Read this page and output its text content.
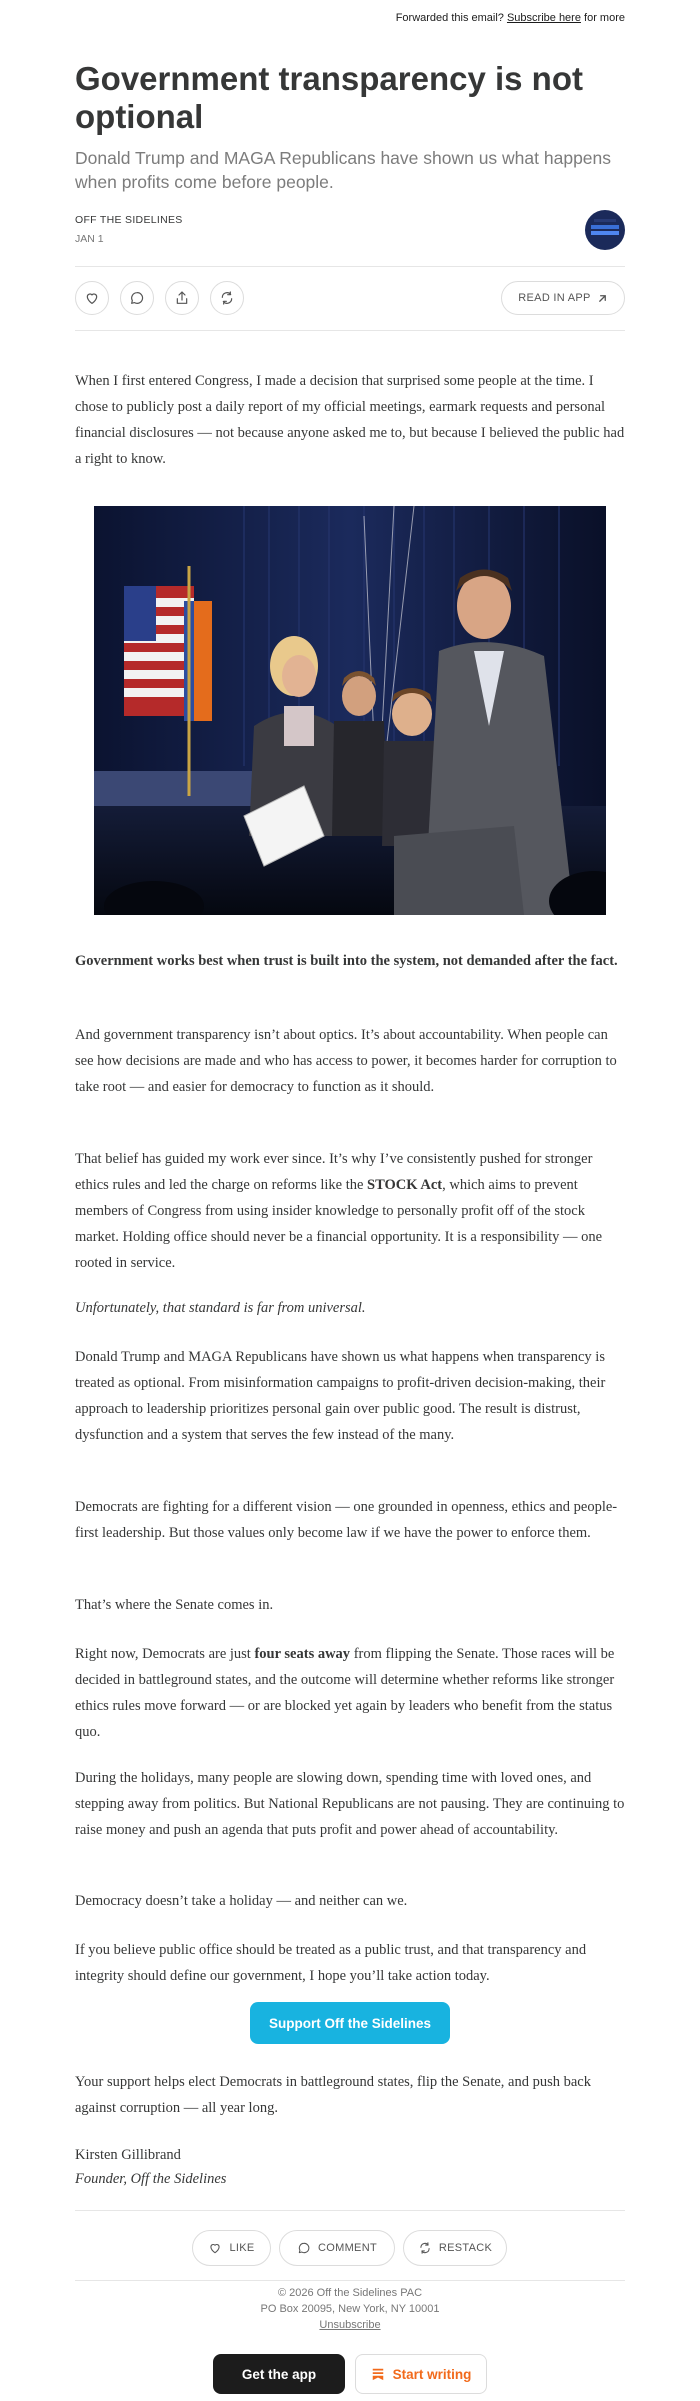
Forwarded this email? Subscribe here for more
Government transparency is not optional

Donald Trump and MAGA Republicans have shown us what happens when profits come before people.

OFF THE SIDELINES
JAN 1
READ IN APP

When I first entered Congress, I made a decision that surprised some people at the time. I chose to publicly post a daily report of my official meetings, earmark requests and personal financial disclosures — not because anyone asked me to, but because I believed the public had a right to know.

Government works best when trust is built into the system, not demanded after the fact.

And government transparency isn’t about optics. It’s about accountability. When people can see how decisions are made and who has access to power, it becomes harder for corruption to take root — and easier for democracy to function as it should.

That belief has guided my work ever since. It’s why I’ve consistently pushed for stronger ethics rules and led the charge on reforms like the STOCK Act, which aims to prevent members of Congress from using insider knowledge to personally profit off of the stock market. Holding office should never be a financial opportunity. It is a responsibility — one rooted in service.

Unfortunately, that standard is far from universal.

Donald Trump and MAGA Republicans have shown us what happens when transparency is treated as optional. From misinformation campaigns to profit-driven decision-making, their approach to leadership prioritizes personal gain over public good. The result is distrust, dysfunction and a system that serves the few instead of the many.

Democrats are fighting for a different vision — one grounded in openness, ethics and people-first leadership. But those values only become law if we have the power to enforce them.

That’s where the Senate comes in.

Right now, Democrats are just four seats away from flipping the Senate. Those races will be decided in battleground states, and the outcome will determine whether reforms like stronger ethics rules move forward — or are blocked yet again by leaders who benefit from the status quo.

During the holidays, many people are slowing down, spending time with loved ones, and stepping away from politics. But National Republicans are not pausing. They are continuing to raise money and push an agenda that puts profit and power ahead of accountability.

Democracy doesn’t take a holiday — and neither can we.

If you believe public office should be treated as a public trust, and that transparency and integrity should define our government, I hope you’ll take action today.

Support Off the Sidelines

Your support helps elect Democrats in battleground states, flip the Senate, and push back against corruption — all year long.

Kirsten Gillibrand

Founder, Off the Sidelines

LIKE	COMMENT	RESTACK
© 2026 Off the Sidelines PAC
PO Box 20095, New York, NY 10001
Unsubscribe
Get the app	Start writing
